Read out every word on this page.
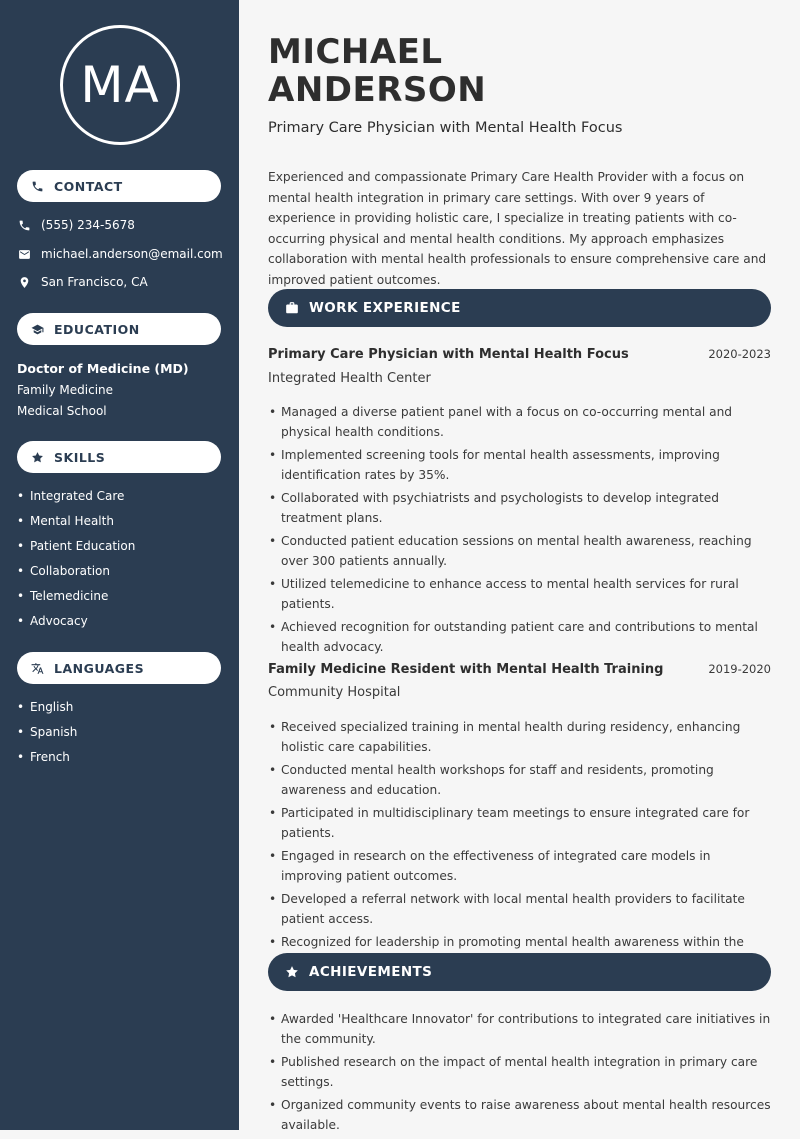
MA
CONTACT
(555) 234-5678
michael.anderson@email.com
San Francisco, CA
EDUCATION
Doctor of Medicine (MD)
Family Medicine
Medical School
SKILLS
• Integrated Care
• Mental Health
• Patient Education
• Collaboration
• Telemedicine
• Advocacy
LANGUAGES
• English
• Spanish
• French
MICHAEL
ANDERSON
Primary Care Physician with Mental Health Focus
Experienced and compassionate Primary Care Health Provider with a focus on mental health integration in primary care settings. With over 9 years of experience in providing holistic care, I specialize in treating patients with co-occurring physical and mental health conditions. My approach emphasizes collaboration with mental health professionals to ensure comprehensive care and improved patient outcomes.
WORK EXPERIENCE
Primary Care Physician with Mental Health Focus	2020-2023
Integrated Health Center
• Managed a diverse patient panel with a focus on co-occurring mental and physical health conditions.
• Implemented screening tools for mental health assessments, improving identification rates by 35%.
• Collaborated with psychiatrists and psychologists to develop integrated treatment plans.
• Conducted patient education sessions on mental health awareness, reaching over 300 patients annually.
• Utilized telemedicine to enhance access to mental health services for rural patients.
• Achieved recognition for outstanding patient care and contributions to mental health advocacy.
Family Medicine Resident with Mental Health Training	2019-2020
Community Hospital
• Received specialized training in mental health during residency, enhancing holistic care capabilities.
• Conducted mental health workshops for staff and residents, promoting awareness and education.
• Participated in multidisciplinary team meetings to ensure integrated care for patients.
• Engaged in research on the effectiveness of integrated care models in improving patient outcomes.
• Developed a referral network with local mental health providers to facilitate patient access.
• Recognized for leadership in promoting mental health awareness within the
ACHIEVEMENTS
• Awarded 'Healthcare Innovator' for contributions to integrated care initiatives in the community.
• Published research on the impact of mental health integration in primary care settings.
• Organized community events to raise awareness about mental health resources available.
